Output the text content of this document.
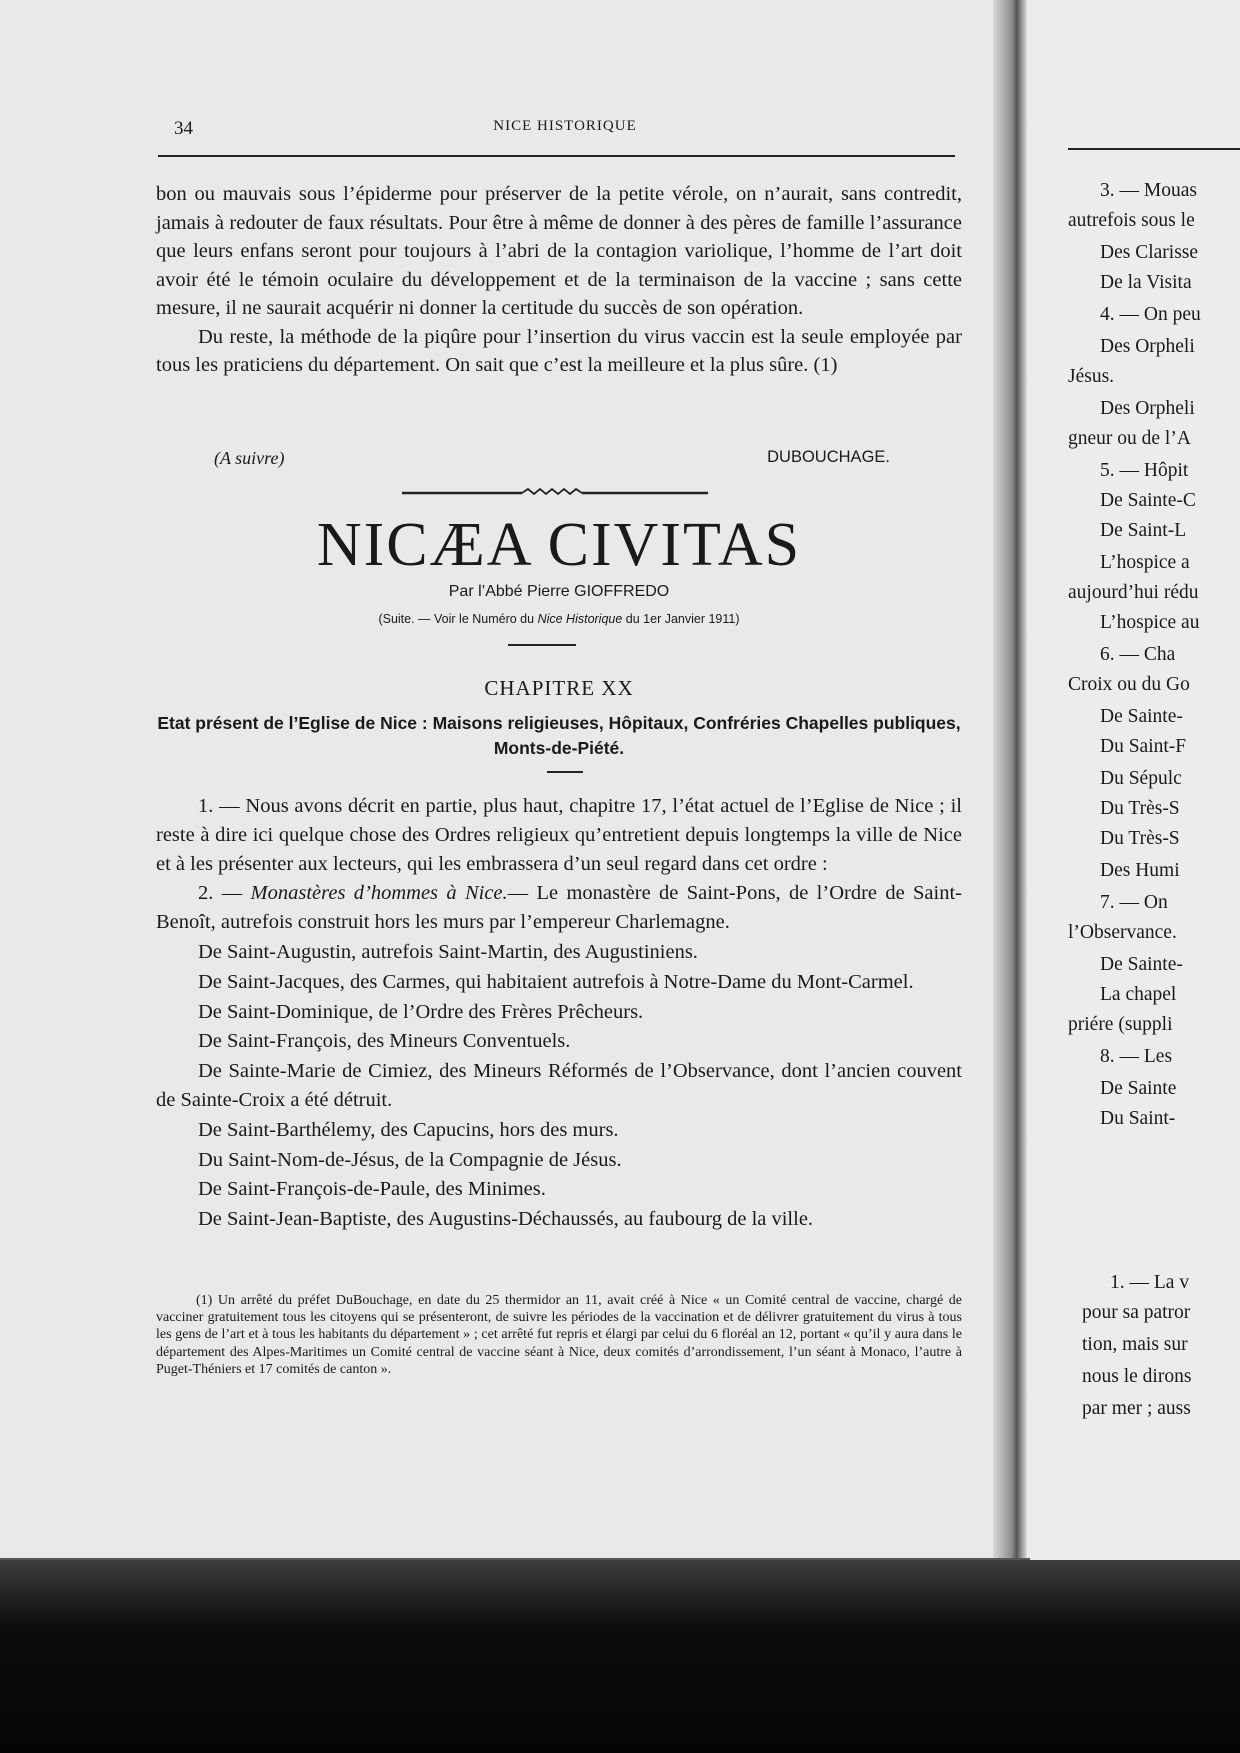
34	NICE HISTORIQUE

bon ou mauvais sous l’épiderme pour préserver de la petite vérole, on n’aurait, sans contredit, jamais à redouter de faux résultats. Pour être à même de donner à des pères de famille l’assurance que leurs enfans seront pour toujours à l’abri de la contagion variolique, l’homme de l’art doit avoir été le témoin oculaire du développement et de la terminaison de la vaccine ; sans cette mesure, il ne saurait acquérir ni donner la certitude du succès de son opération.

Du reste, la méthode de la piqûre pour l’insertion du virus vaccin est la seule employée par tous les praticiens du département. On sait que c’est la meilleure et la plus sûre. (1)

(A suivre)	DUBOUCHAGE.
NICÆA CIVITAS
Par l’Abbé Pierre GIOFFREDO
(Suite. — Voir le Numéro du Nice Historique du 1er Janvier 1911)
CHAPITRE XX
Etat présent de l’Eglise de Nice : Maisons religieuses, Hôpitaux, Confréries Chapelles publiques, Monts-de-Piété.

1. — Nous avons décrit en partie, plus haut, chapitre 17, l’état actuel de l’Eglise de Nice ; il reste à dire ici quelque chose des Ordres religieux qu’entretient depuis longtemps la ville de Nice et à les présenter aux lecteurs, qui les embrassera d’un seul regard dans cet ordre :

2. — Monastères d’hommes à Nice.— Le monastère de Saint-Pons, de l’Ordre de Saint-Benoît, autrefois construit hors les murs par l’empereur Charlemagne.

De Saint-Augustin, autrefois Saint-Martin, des Augustiniens.

De Saint-Jacques, des Carmes, qui habitaient autrefois à Notre-Dame du Mont-Carmel.

De Saint-Dominique, de l’Ordre des Frères Prêcheurs.

De Saint-François, des Mineurs Conventuels.

De Sainte-Marie de Cimiez, des Mineurs Réformés de l’Observance, dont l’ancien couvent de Sainte-Croix a été détruit.

De Saint-Barthélemy, des Capucins, hors des murs.

Du Saint-Nom-de-Jésus, de la Compagnie de Jésus.

De Saint-François-de-Paule, des Minimes.

De Saint-Jean-Baptiste, des Augustins-Déchaussés, au faubourg de la ville.

(1) Un arrêté du préfet DuBouchage, en date du 25 thermidor an 11, avait créé à Nice « un Comité central de vaccine, chargé de vacciner gratuitement tous les citoyens qui se présenteront, de suivre les périodes de la vaccination et de délivrer gratuitement du virus à tous les gens de l’art et à tous les habitants du département » ; cet arrêté fut repris et élargi par celui du 6 floréal an 12, portant « qu’il y aura dans le département des Alpes-Maritimes un Comité central de vaccine séant à Nice, deux comités d’arrondissement, l’un séant à Monaco, l’autre à Puget-Théniers et 17 comités de canton ».

3. — Mouas
autrefois sous le
Des Clarisse
De la Visita
4. — On peu
Des Orpheli
Jésus.
Des Orpheli
gneur ou de l’A
5. — Hôpit
De Sainte-C
De Saint-L
L’hospice a
aujourd’hui rédu
L’hospice au
6. — Cha
Croix ou du Go
De Sainte-
Du Saint-F
Du Sépulc
Du Très-S
Du Très-S
Des Humi
7. — On
l’Observance.
De Sainte-
La chapel
priére (suppli
8. — Les
De Sainte
Du Saint-
1. — La v
pour sa patror
tion, mais sur
nous le dirons
par mer ; auss
